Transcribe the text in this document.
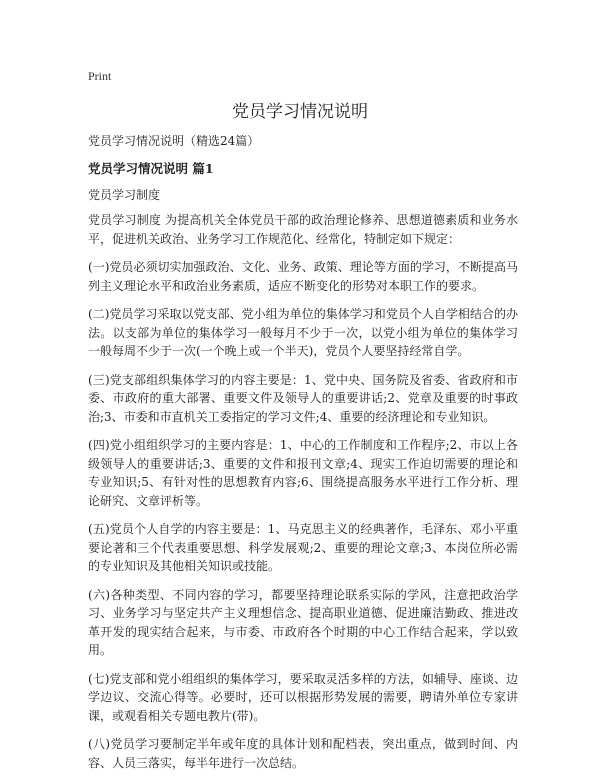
Print
党员学习情况说明
党员学习情况说明（精选24篇）
党员学习情况说明 篇1
党员学习制度

党员学习制度 为提高机关全体党员干部的政治理论修养、思想道德素质和业务水平，促进机关政治、业务学习工作规范化、经常化，特制定如下规定：

(一)党员必须切实加强政治、文化、业务、政策、理论等方面的学习，不断提高马列主义理论水平和政治业务素质，适应不断变化的形势对本职工作的要求。

(二)党员学习采取以党支部、党小组为单位的集体学习和党员个人自学相结合的办法。以支部为单位的集体学习一般每月不少于一次，以党小组为单位的集体学习一般每周不少于一次(一个晚上或一个半天)，党员个人要坚持经常自学。

(三)党支部组织集体学习的内容主要是：1、党中央、国务院及省委、省政府和市委、市政府的重大部署、重要文件及领导人的重要讲话;2、党章及重要的时事政治;3、市委和市直机关工委指定的学习文件;4、重要的经济理论和专业知识。

(四)党小组组织学习的主要内容是：1、中心的工作制度和工作程序;2、市以上各级领导人的重要讲话;3、重要的文件和报刊文章;4、现实工作迫切需要的理论和专业知识;5、有针对性的思想教育内容;6、围绕提高服务水平进行工作分析、理论研究、文章评析等。

(五)党员个人自学的内容主要是：1、马克思主义的经典著作，毛泽东、邓小平重要论著和三个代表重要思想、科学发展观;2、重要的理论文章;3、本岗位所必需的专业知识及其他相关知识或技能。

(六)各种类型、不同内容的学习，都要坚持理论联系实际的学风，注意把政治学习、业务学习与坚定共产主义理想信念、提高职业道德、促进廉洁勤政、推进改革开发的现实结合起来，与市委、市政府各个时期的中心工作结合起来，学以致用。

(七)党支部和党小组组织的集体学习，要采取灵活多样的方法，如辅导、座谈、边学边议、交流心得等。必要时，还可以根据形势发展的需要，聘请外单位专家讲课，或观看相关专题电教片(带)。

(八)党员学习要制定半年或年度的具体计划和配档表，突出重点，做到时间、内容、人员三落实，每半年进行一次总结。
